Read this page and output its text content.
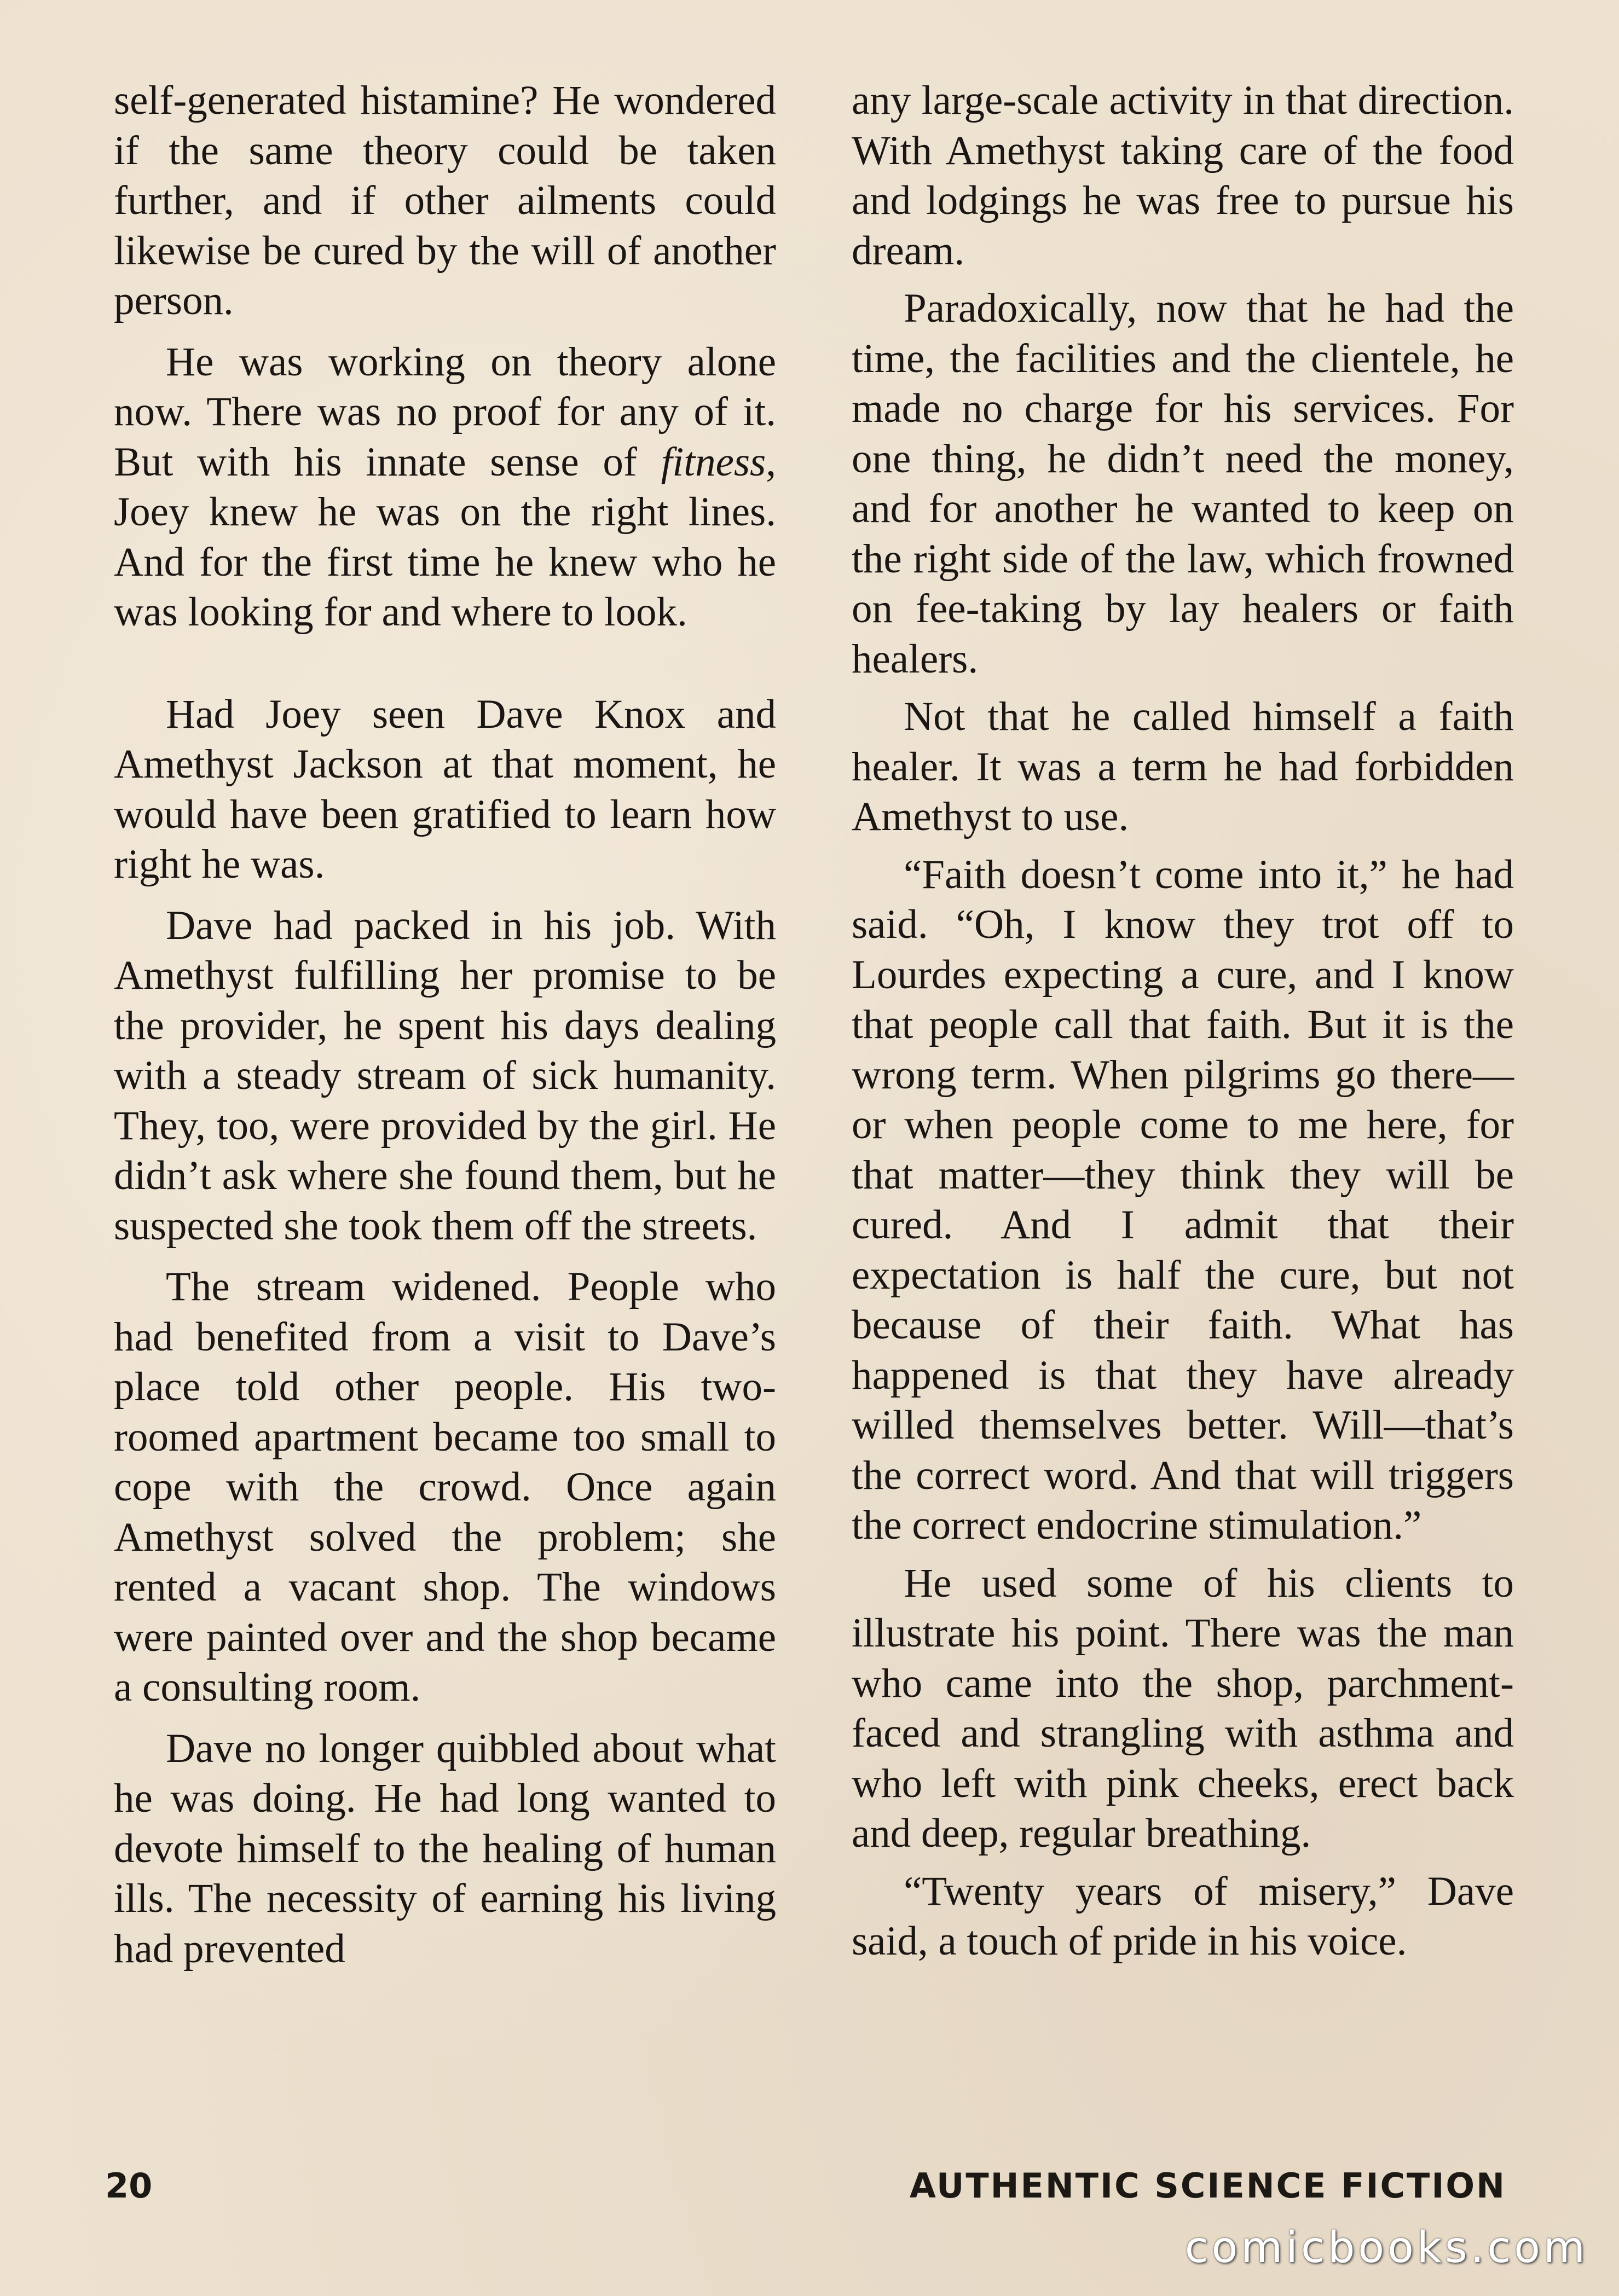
self-generated histamine? He wondered if the same theory could be taken further, and if other ailments could likewise be cured by the will of another person.

He was working on theory alone now. There was no proof for any of it. But with his innate sense of fitness, Joey knew he was on the right lines. And for the first time he knew who he was looking for and where to look.

Had Joey seen Dave Knox and Amethyst Jackson at that moment, he would have been gratified to learn how right he was.

Dave had packed in his job. With Amethyst fulfilling her promise to be the provider, he spent his days dealing with a steady stream of sick humanity. They, too, were provided by the girl. He didn’t ask where she found them, but he suspected she took them off the streets.

The stream widened. People who had benefited from a visit to Dave’s place told other people. His two-roomed apartment became too small to cope with the crowd. Once again Amethyst solved the problem; she rented a vacant shop. The windows were painted over and the shop became a consulting room.

Dave no longer quibbled about what he was doing. He had long wanted to devote himself to the healing of human ills. The necessity of earning his living had prevented

any large-scale activity in that direction. With Amethyst taking care of the food and lodgings he was free to pursue his dream.

Paradoxically, now that he had the time, the facilities and the clientele, he made no charge for his services. For one thing, he didn’t need the money, and for another he wanted to keep on the right side of the law, which frowned on fee-taking by lay healers or faith healers.

Not that he called himself a faith healer. It was a term he had forbidden Amethyst to use.

“Faith doesn’t come into it,” he had said. “Oh, I know they trot off to Lourdes expecting a cure, and I know that people call that faith. But it is the wrong term. When pilgrims go there—or when people come to me here, for that matter—they think they will be cured. And I admit that their expectation is half the cure, but not because of their faith. What has happened is that they have already willed themselves better. Will—that’s the correct word. And that will triggers the correct endocrine stimulation.”

He used some of his clients to illustrate his point. There was the man who came into the shop, parchment-faced and strangling with asthma and who left with pink cheeks, erect back and deep, regular breathing.

“Twenty years of misery,” Dave said, a touch of pride in his voice.

20	AUTHENTIC SCIENCE FICTION
comicbooks.com
